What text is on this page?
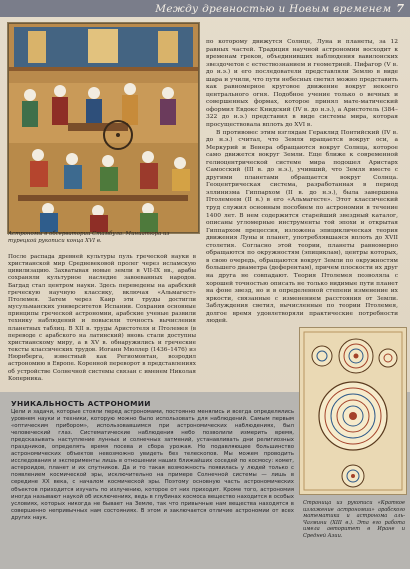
Между древностью и Новым временем 7
Астрономы в обсерватории Стамбула. Миниатюра из турецкой рукописи конца XVI в.

После распада древней культуры пуль греческой науки в христианской мир Средневековой пролег через исламскую цивилизацию. Захватывая новые земли в VII-IX вв., арабы сохраняли культурное наследие завоеванных народов. Багдад стал центром науки. Здесь переведены на арабский греческую научную классику, включая «Альмагест» Птолемея. Затем через Каир эти труды достигли мусульманских университетов Испании. Сохранив основные принципы греческой астрономии, арабские ученые развили технику наблюдений и повысили точность вычисления планетных таблиц. В XII в. труды Аристотеля и Птолемея (в переводе с арабского на латинский) вновь стали доступны христианскому миру, а в XV в. обнаружились и греческие тексты классических трудов. Иоганн Мюллер (1436–1476) из Нюрнберга, известный как Региомонтан, возродил астрономию в Европе. Коренной переворот в представлениях об устройстве Солнечной системы связан с именем Николая Коперника.

по которому движутся Солнце, Луна и планеты, за 12 равных частей. Традиция научной астрономии восходит к временам греков, объединивших наблюдения вавилонских звездочетов с естествознанием и геометрией. Пифагор (V в. до н.э.) и его последователи представляли Землю в виде шара и учили, что пути небесных светил можно представить как равномерное круговое движение вокруг некоего центрального огня. Подобное учение только о вечных и совершенных формах, которое принял мате-матический оформил Евдокс Книдский (IV в. до н.э.), а Аристотель (384–322 до н.э.) представил в виде системы мира, которая просуществовала вплоть до XVI в.

В противовес этим взглядам Гераклид Понтийский (IV в. до н.э.) считал, что Земля вращается вокруг оси, а Меркурий и Венера обращаются вокруг Солнца, которое само движется вокруг Земли. Еще ближе к современной гелиоцентрической системе мира подошел Аристарх Самосский (III в. до н.э.), учивший, что Земля вместе с другими планетами обращается вокруг Солнца. Геоцентрическая система, разработанная в период эллинизма Гиппархом (II в. до н.э.), была завершена Птолемеем (II в.) в его «Альмагесте». Этот классический труд служил основным пособием по астрономии в течение 1400 лет. В нем содержится старейший звездный каталог, описаны угломерные инструменты той эпохи и открытая Гиппархом прецессия, изложена эпициклическая теория движения Луны и планет, употреблявшаяся вплоть до XVII столетия. Согласно этой теории, планеты равномерно обращаются по окружностям (эпициклам), центры которых, в свою очередь, обращаются вокруг Земли по окружностям большего диаметра (деферентам), причем плоскости их друг на друга не совпадают. Теория Птолемея позволяла с хорошей точностью описать не только видимые пути планет на фоне звезд, но и в определенной степени изменение их яркости, связанные с изменением расстояния от Земли. Заблуждения светил, вычисленные по теории Птолемея, долгое время удовлетворяли практические потребности людей.

УНИКАЛЬНОСТЬ АСТРОНОМИИ

Цели и задачи, которые стояли перед астрономами, постоянно менялись и всегда определялись уровнем науки и техники, которую можно было использовать для наблюдений. Самым первым «оптическим прибором», использовавшимся при астрономических наблюдениях, был человеческий глаз. Систематические наблюдения небо позволили измерить время, предсказывать наступление лунных и солнечных затмений, устанавливать дни религиозных праздников, определять время посева и сбора урожая. Но подавляющее большинство астрономических объектов невозможно увидеть без телескопов. Мы можем проводить исследования и эксперименты лишь в отношении наших ближайших соседей по космосу: комет, астероидов, планет и их спутников. Да и то такая возможность появилась у людей только с появлением космической эры, исключительно на примере Солнечной системы — лишь в середине XX века, с началом космической эры. Поэтому основную часть астрономических объектов приходится изучать по излучению, которое от них приходит. Кроме того, астрономия иногда называют наукой об исключениях, ведь в глубинах космоса вещество находится в особых условиях, которых никогда не бывает на Земле, так что привычные нам вещества находятся в совершенно непривычных нам состояниях. В этом и заключается отличие астрономии от всех других наук.

Страница из рукописи «Краткое изложение астрономии» арабского математика и астронома аль-Чагмини (XIII в.). Эта его работа имела авторитет в Иране и Средней Азии.
